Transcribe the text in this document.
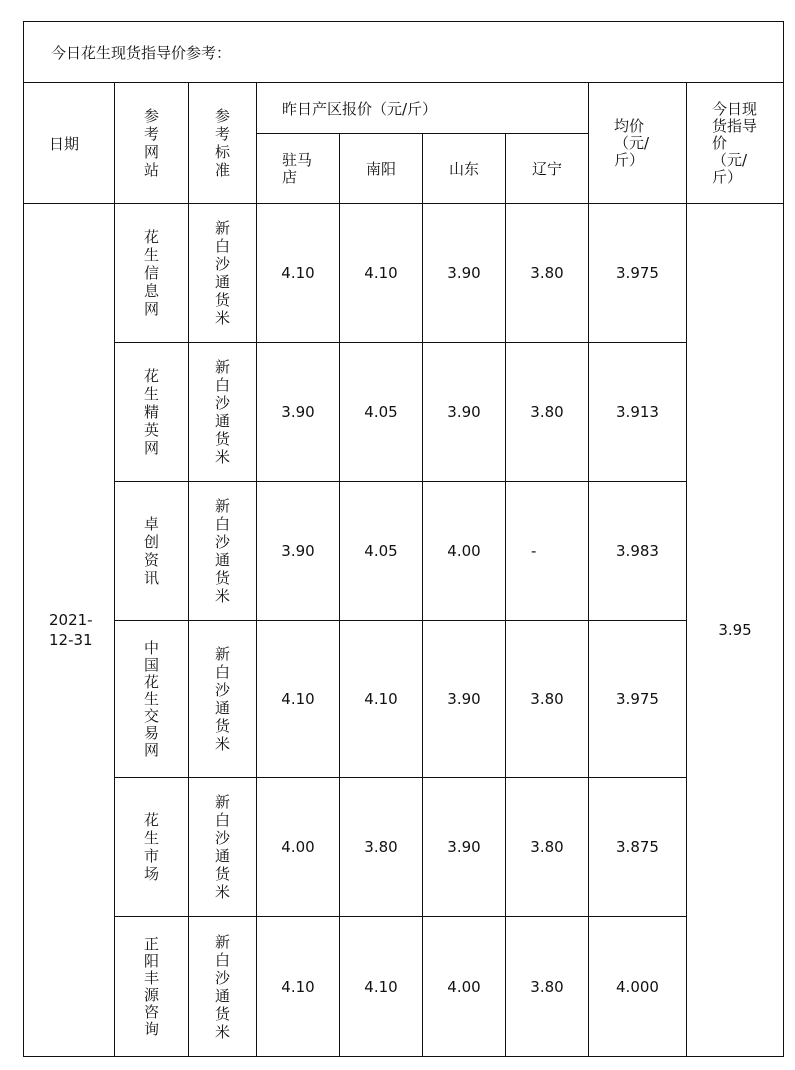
今日花生现货指导价参考：								
日期	参考网站	参考标准	昨日产区报价（元/斤）				均价（元/斤）	今日现货指导价（元/斤）

			驻马店	南阳	山东	辽宁		

2021-12-31	花生信息网	新白沙通货米	4.10	4.10	3.90	3.80	3.975	3.95

	花生精英网	新白沙通货米	3.90	4.05	3.90	3.80	3.913	

	卓创资讯	新白沙通货米	3.90	4.05	4.00	-	3.983	

	中国花生交易网	新白沙通货米	4.10	4.10	3.90	3.80	3.975	

	花生市场	新白沙通货米	4.00	3.80	3.90	3.80	3.875	

	正阳丰源咨询	新白沙通货米	4.10	4.10	4.00	3.80	4.000	
